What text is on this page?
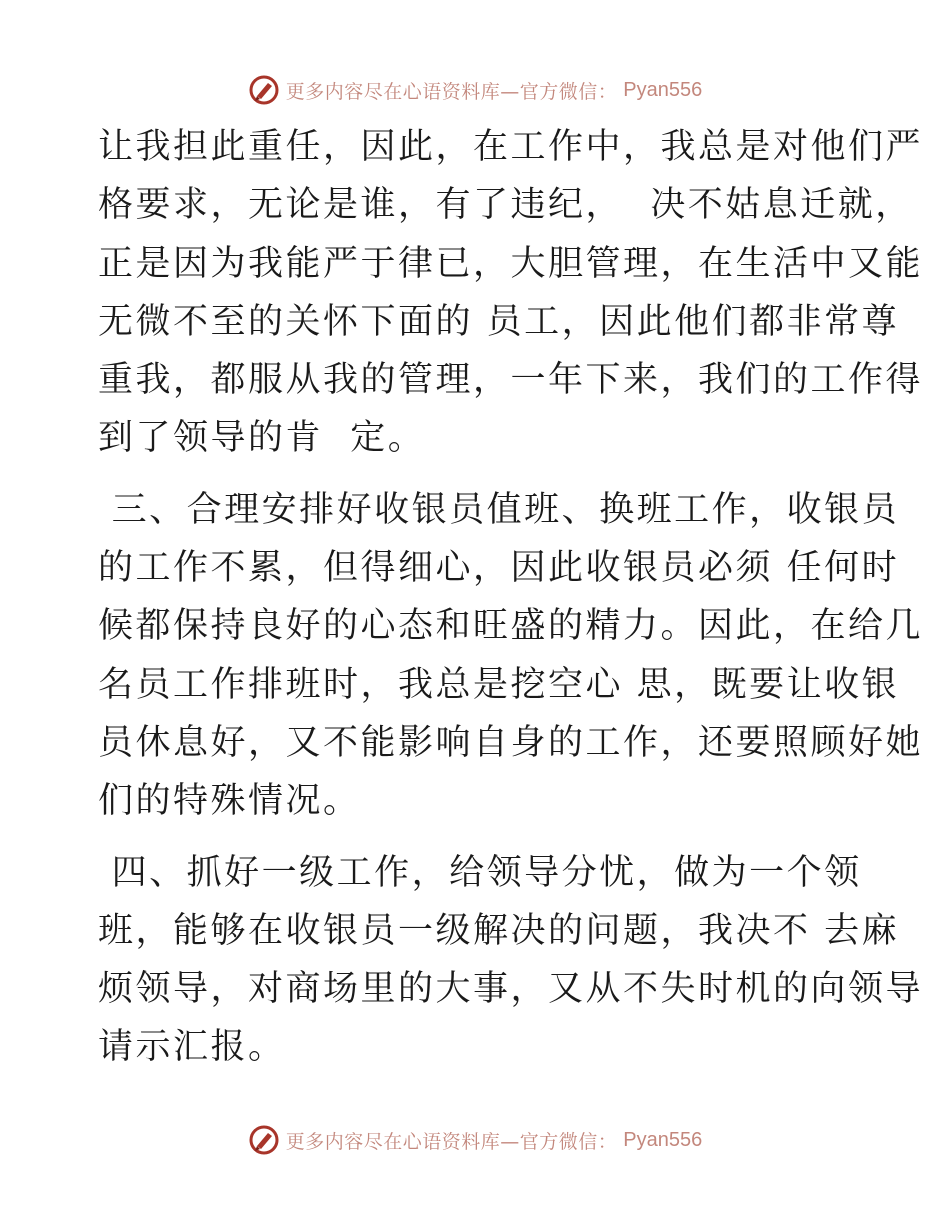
更多内容尽在心语资料库—官方微信： Pyan556
让我担此重任，因此，在工作中，我总是对他们严
格要求，无论是谁，有了违纪，  决不姑息迁就，
正是因为我能严于律已，大胆管理，在生活中又能
无微不至的关怀下面的 员工，因此他们都非常尊
重我，都服从我的管理，一年下来，我们的工作得
到了领导的肯  定。
三、合理安排好收银员值班、换班工作，收银员
的工作不累，但得细心，因此收银员必须 任何时
候都保持良好的心态和旺盛的精力。因此，在给几
名员工作排班时，我总是挖空心 思，既要让收银
员休息好，又不能影响自身的工作，还要照顾好她
们的特殊情况。
四、抓好一级工作，给领导分忧，做为一个领
班，能够在收银员一级解决的问题，我决不 去麻
烦领导，对商场里的大事，又从不失时机的向领导
请示汇报。
更多内容尽在心语资料库—官方微信： Pyan556
